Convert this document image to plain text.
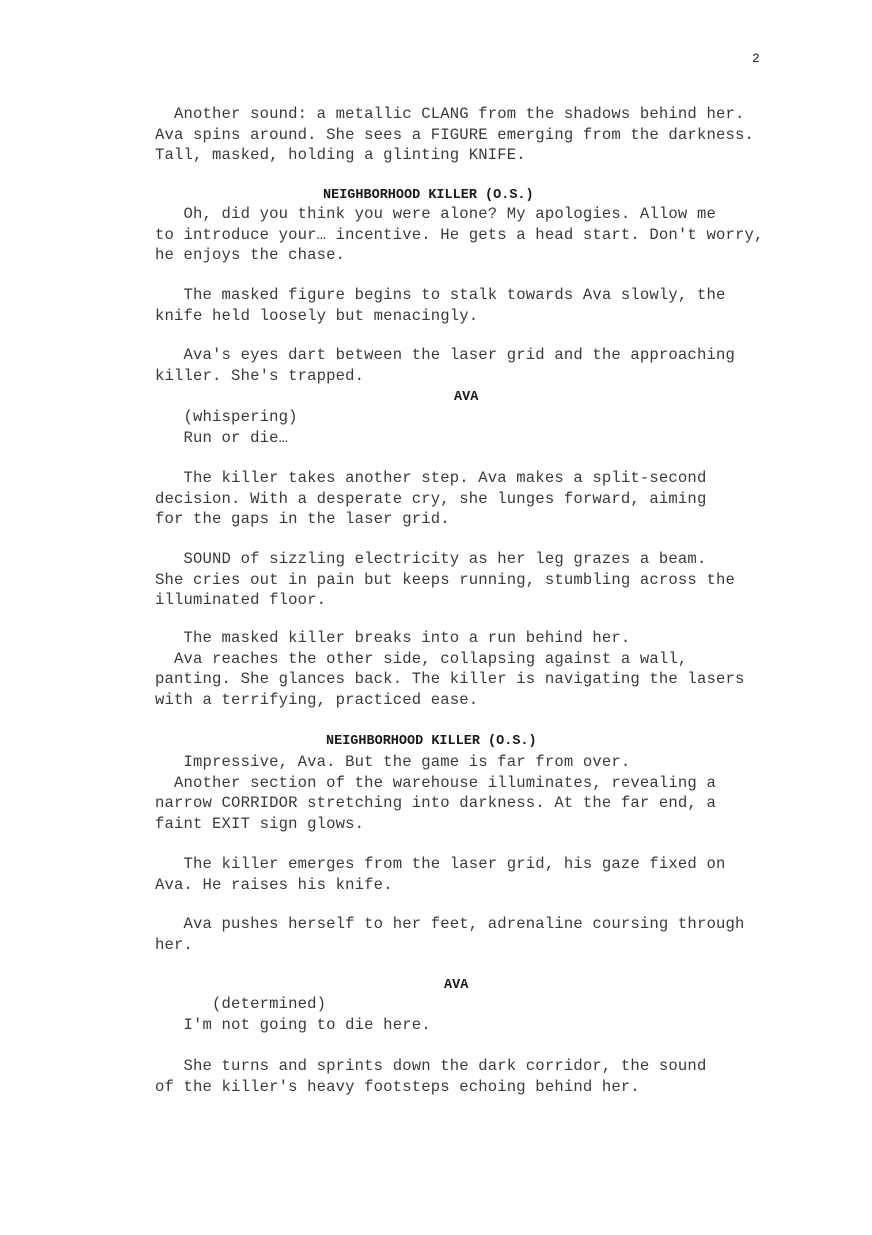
2
Another sound: a metallic CLANG from the shadows behind her.
Ava spins around. She sees a FIGURE emerging from the darkness.
Tall, masked, holding a glinting KNIFE.
NEIGHBORHOOD KILLER (O.S.)
Oh, did you think you were alone? My apologies. Allow me
to introduce your… incentive. He gets a head start. Don't worry,
he enjoys the chase.
The masked figure begins to stalk towards Ava slowly, the
knife held loosely but menacingly.
Ava's eyes dart between the laser grid and the approaching
killer. She's trapped.
AVA
(whispering)
Run or die…
The killer takes another step. Ava makes a split-second
decision. With a desperate cry, she lunges forward, aiming
for the gaps in the laser grid.
SOUND of sizzling electricity as her leg grazes a beam.
She cries out in pain but keeps running, stumbling across the
illuminated floor.
The masked killer breaks into a run behind her.
Ava reaches the other side, collapsing against a wall,
panting. She glances back. The killer is navigating the lasers
with a terrifying, practiced ease.
NEIGHBORHOOD KILLER (O.S.)
Impressive, Ava. But the game is far from over.
Another section of the warehouse illuminates, revealing a
narrow CORRIDOR stretching into darkness. At the far end, a
faint EXIT sign glows.
The killer emerges from the laser grid, his gaze fixed on
Ava. He raises his knife.
Ava pushes herself to her feet, adrenaline coursing through
her.
AVA
(determined)
I'm not going to die here.
She turns and sprints down the dark corridor, the sound
of the killer's heavy footsteps echoing behind her.
